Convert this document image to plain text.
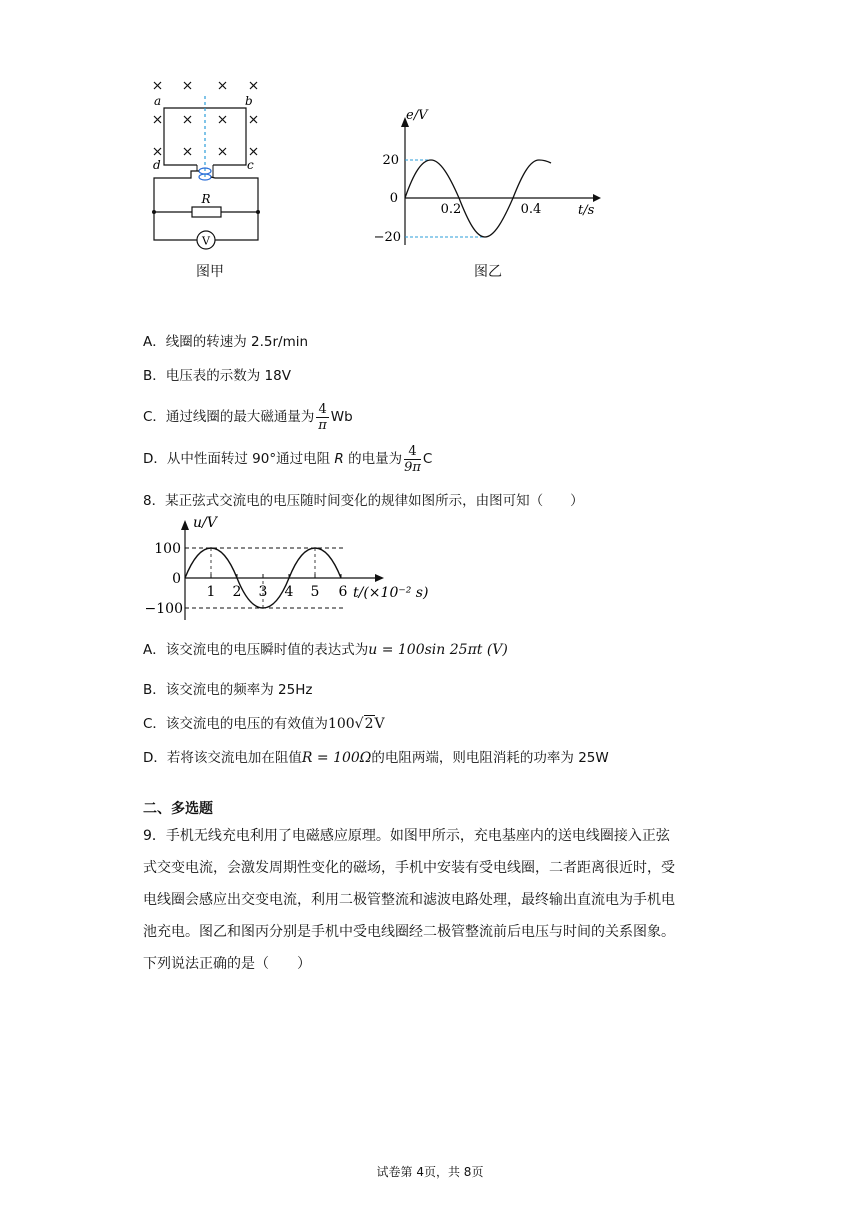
V
R
a	b
c
d
图甲
e/V
t/s
20
0
−20
0.2	0.4
图乙
A．线圈的转速为 2.5r/min
B．电压表的示数为 18V
C．通过线圈的最大磁通量为 $\frac{4}{\pi}$ Wb
D．从中性面转过 90°通过电阻 R 的电量为 $\frac{4}{9\pi}$ C
8．某正弦式交流电的电压随时间变化的规律如图所示，由图可知（　　）
u/V
t/(×10⁻² s)
100
0
−100
1 2 3 4 5 6
A．该交流电的电压瞬时值的表达式为u = 100sin 25πt (V)
B．该交流电的频率为 25Hz
C．该交流电的电压的有效值为100√2V
D．若将该交流电加在阻值R = 100Ω的电阻两端，则电阻消耗的功率为 25W
二、多选题
9．手机无线充电利用了电磁感应原理。如图甲所示，充电基座内的送电线圈接入正弦
式交变电流，会激发周期性变化的磁场，手机中安装有受电线圈，二者距离很近时，受
电线圈会感应出交变电流，利用二极管整流和滤波电路处理，最终输出直流电为手机电
池充电。图乙和图丙分别是手机中受电线圈经二极管整流前后电压与时间的关系图象。
下列说法正确的是（　　）
试卷第 4页，共 8页
